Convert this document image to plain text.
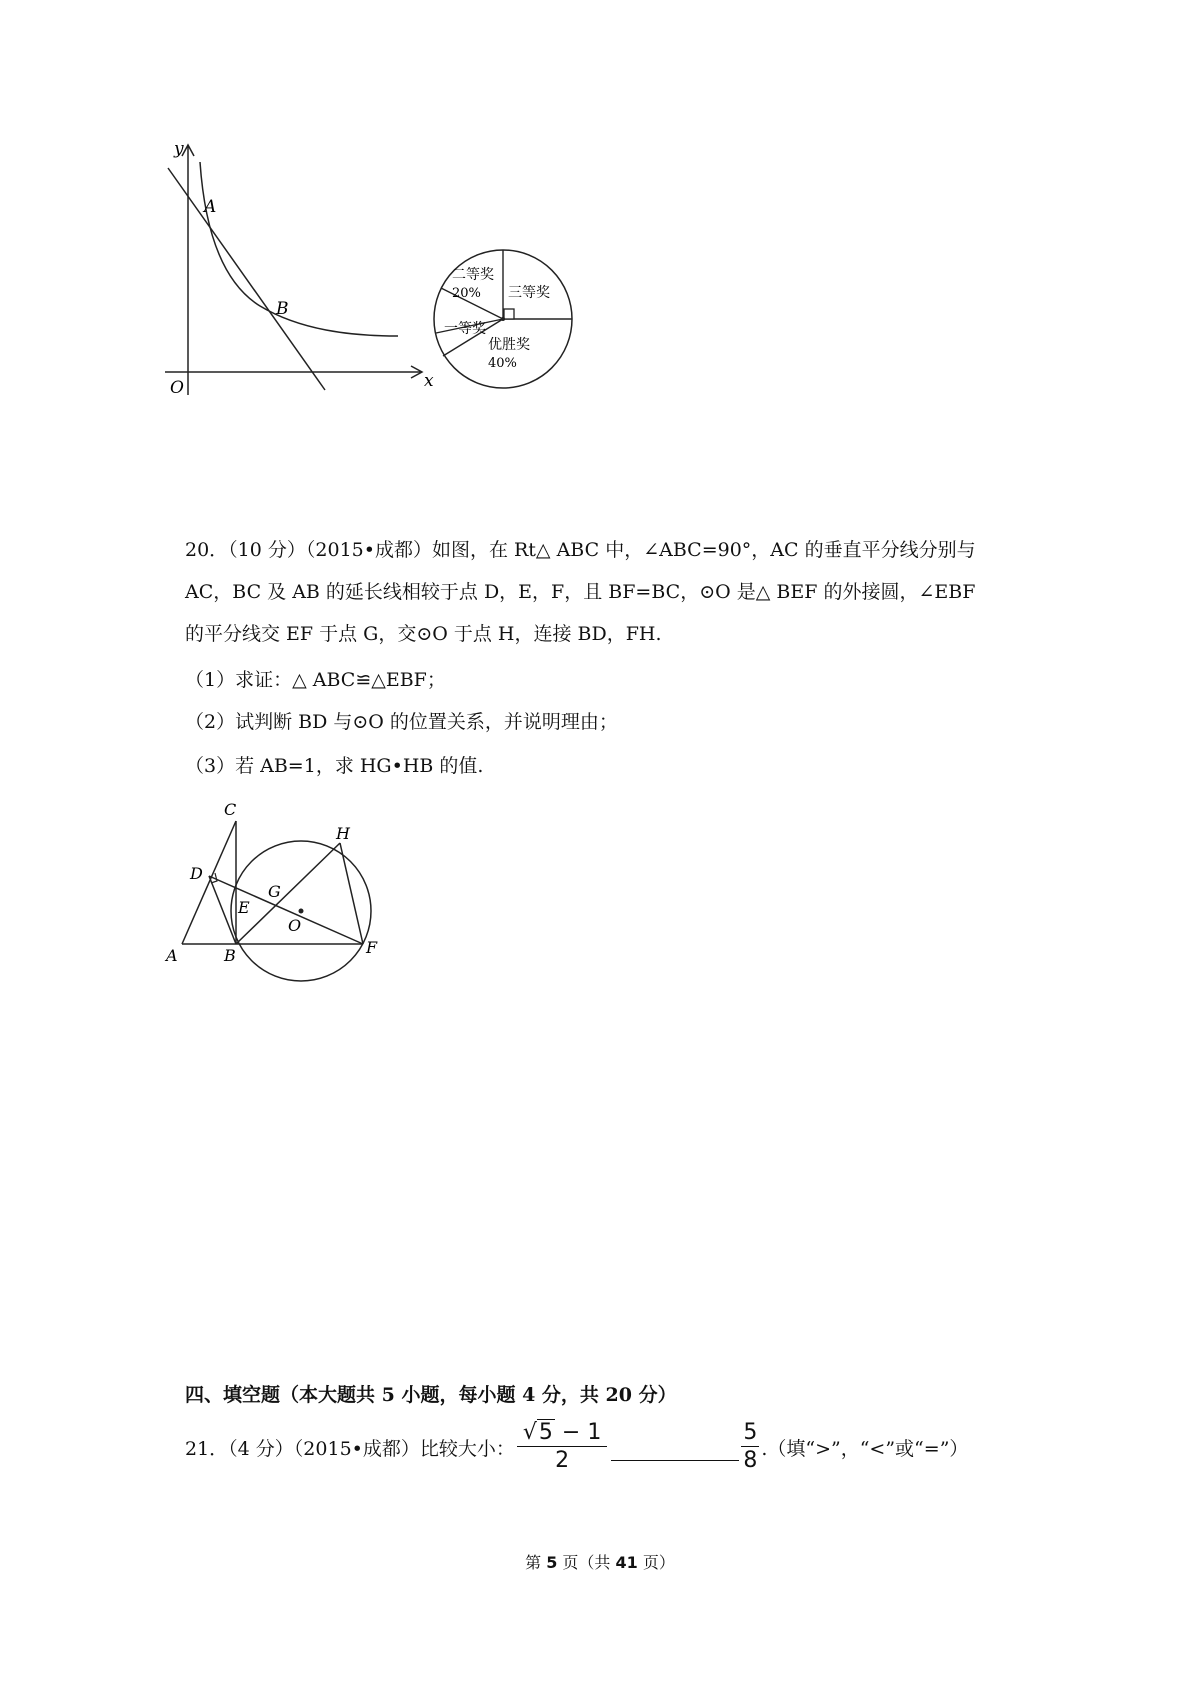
y
x
O
A
B
二等奖
20% 三等奖
优胜奖
40%
一等奖
20．（10 分）（2015•成都）如图，在 Rt△ ABC 中，∠ABC=90°，AC 的垂直平分线分别与
AC，BC 及 AB 的延长线相较于点 D，E，F，且 BF=BC，⊙O 是△ BEF 的外接圆，∠EBF
的平分线交 EF 于点 G，交⊙O 于点 H，连接 BD，FH.
（1）求证：△ ABC≌△EBF；
（2）试判断 BD 与⊙O 的位置关系，并说明理由；
（3）若 AB=1，求 HG•HB 的值.
C
D
G
H
E
O
A	B	F
四、填空题（本大题共 5 小题，每小题 4 分，共 20 分）
21．（4 分）（2015•成都）比较大小： $\frac{√5 - 1}{2}$	$\frac{5}{8}$ .（填“>”，“<”或“=”）
第 5 页（共 41 页）
